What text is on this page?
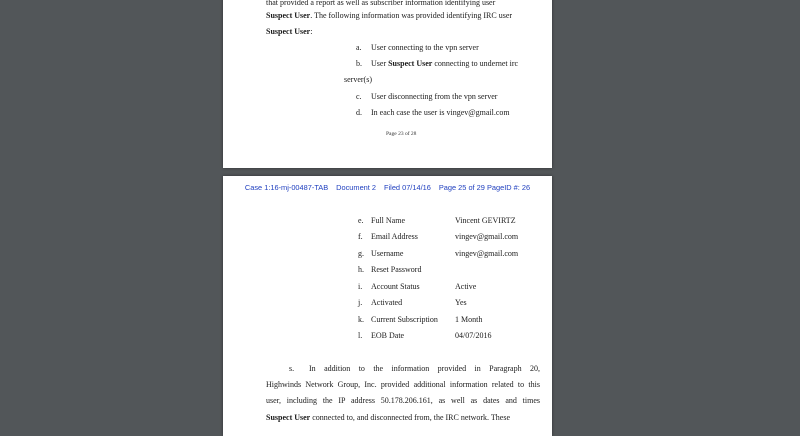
that provided a report as well as subscriber information identifying user
Suspect User. The following information was provided identifying IRC user
Suspect User:
a. User connecting to the vpn server
b. User Suspect User connecting to undernet irc
server(s)
c. User disconnecting from the vpn server
d. In each case the user is vingev@gmail.com
Page 23 of 28
Case 1:16-mj-00487-TAB Document 2 Filed 07/14/16 Page 25 of 29 PageID #: 26
e. Full Name	Vincent GEVIRTZ
f. Email Address	vingev@gmail.com
g. Username	vingev@gmail.com
h. Reset Password
i. Account Status	Active
j. Activated	Yes
k. Current Subscription 1 Month
l. EOB Date	04/07/2016
s. In addition to the information provided in Paragraph 20,
Highwinds Network Group, Inc. provided additional information related to this
user, including the IP address 50.178.206.161, as well as dates and times
Suspect User connected to, and disconnected from, the IRC network. These
